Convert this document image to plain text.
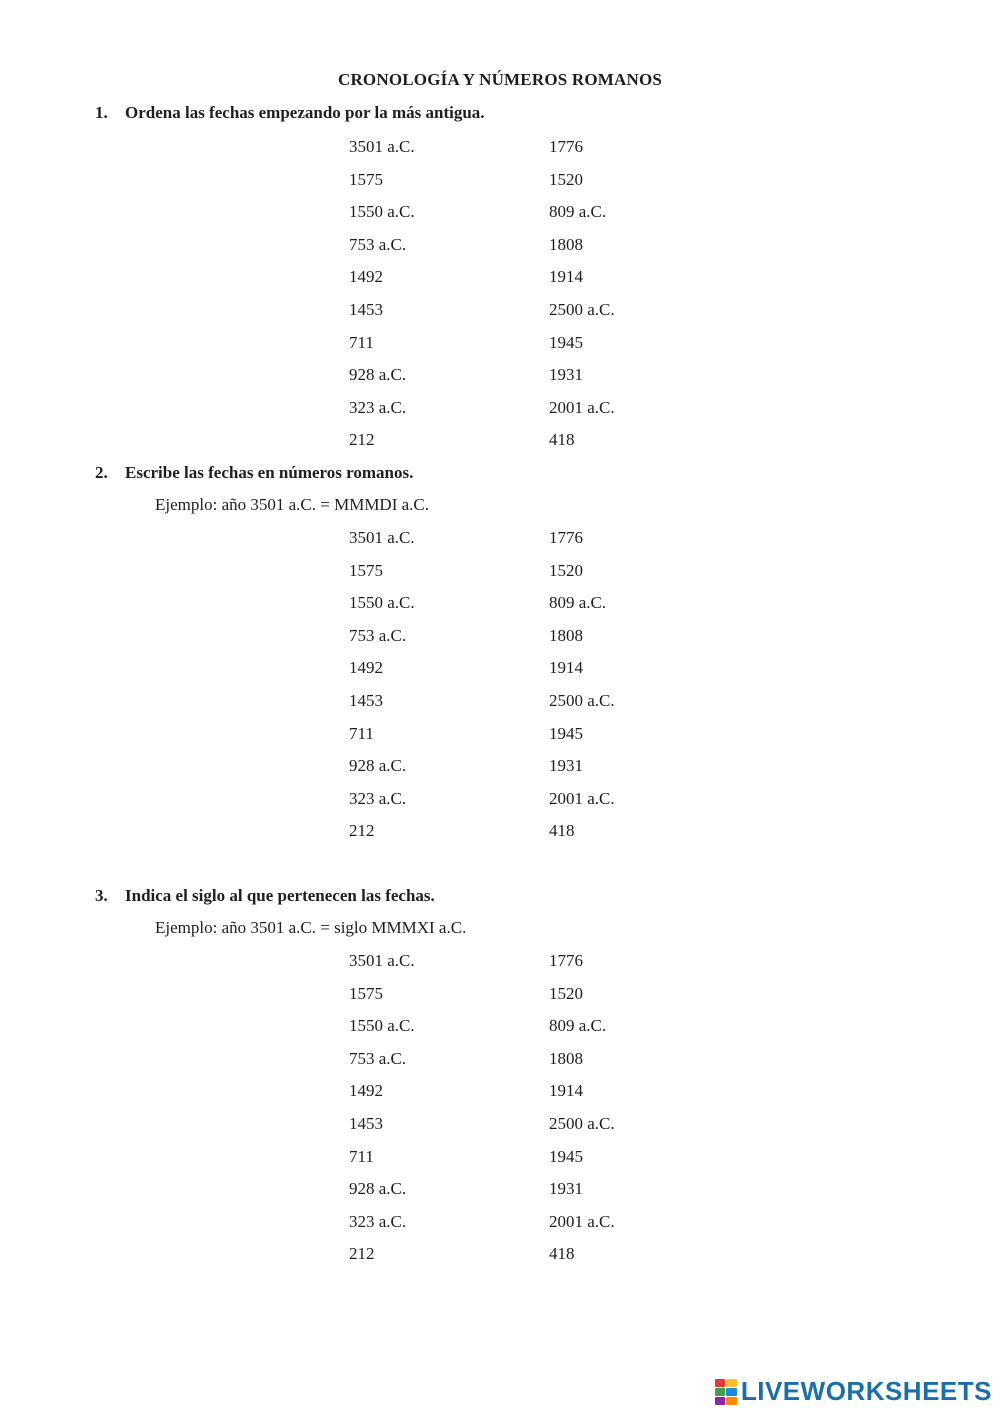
CRONOLOGÍA Y NÚMEROS ROMANOS
1. Ordena las fechas empezando por la más antigua.
3501 a.C.	1776
1575	1520
1550 a.C.	809 a.C.
753 a.C.	1808
1492	1914
1453	2500 a.C.
711	1945
928 a.C.	1931
323 a.C.	2001 a.C.
212	418
2. Escribe las fechas en números romanos.
Ejemplo: año 3501 a.C. = MMMDI a.C.
3501 a.C.	1776
1575	1520
1550 a.C.	809 a.C.
753 a.C.	1808
1492	1914
1453	2500 a.C.
711	1945
928 a.C.	1931
323 a.C.	2001 a.C.
212	418
3. Indica el siglo al que pertenecen las fechas.
Ejemplo: año 3501 a.C. = siglo MMMXI a.C.
3501 a.C.	1776
1575	1520
1550 a.C.	809 a.C.
753 a.C.	1808
1492	1914
1453	2500 a.C.
711	1945
928 a.C.	1931
323 a.C.	2001 a.C.
212	418
LIVEWORKSHEETS
